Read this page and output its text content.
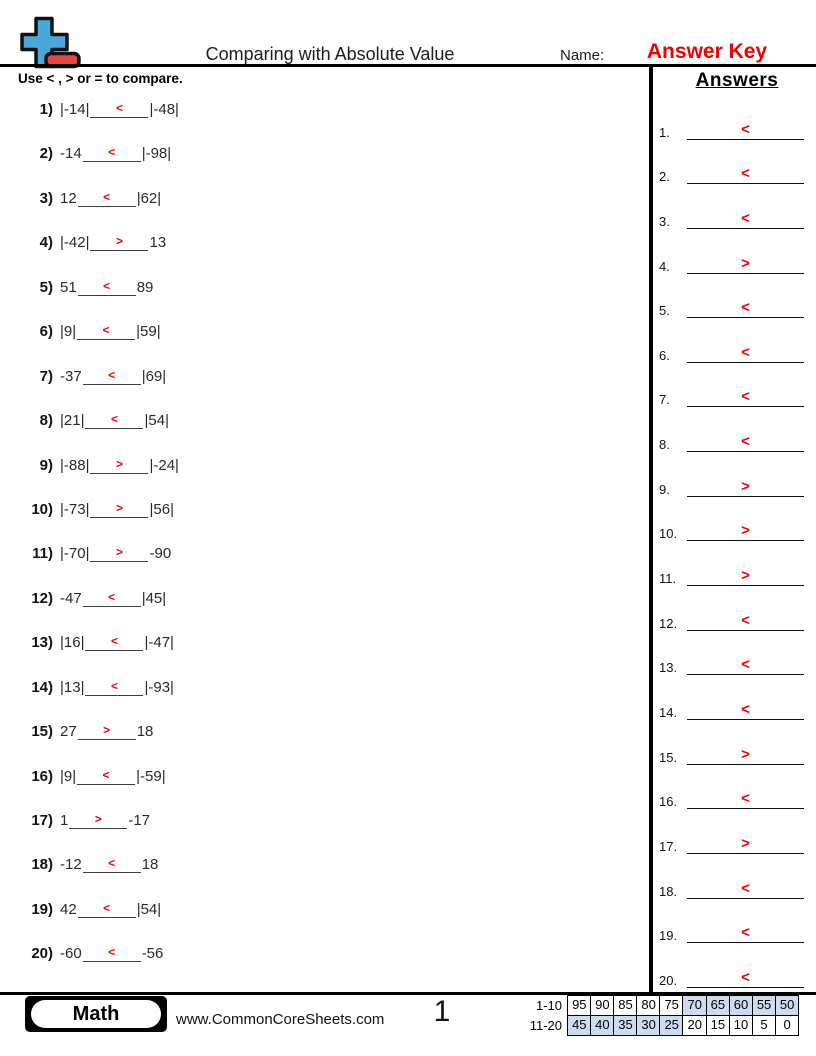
Comparing with Absolute Value	Name:	Answer Key
Use < , > or = to compare.
1) |-14|	<	|-48|
2) -14	<	|-98|
3) 12	<	|62|
4) |-42|	>	13
5) 51	<	89
6) |9|	<	|59|
7) -37	<	|69|
8) |21|	<	|54|
9) |-88|	>	|-24|
10) |-73|	>	|56|
11) |-70|	>	-90
12) -47	<	|45|
13) |16|	<	|-47|
14) |13|	<	|-93|
15) 27	>	18
16) |9|	<	|-59|
17) 1	>	-17
18) -12	<	18
19) 42	<	|54|
20) -60	<	-56
Answers
1.	<
2.	<
3.	<
4.	>
5.	<
6.	<
7.	<
8.	<
9.	>
10.	>
11.	>
12.	<
13.	<
14.	<
15.	>
16.	<
17.	>
18.	<
19.	<
20.	<
Math	www.CommonCoreSheets.com	1	1-10 95 90 85 80 75 70 65 60 55 50
11-20 45 40 35 30 25 20 15 10 5	0
